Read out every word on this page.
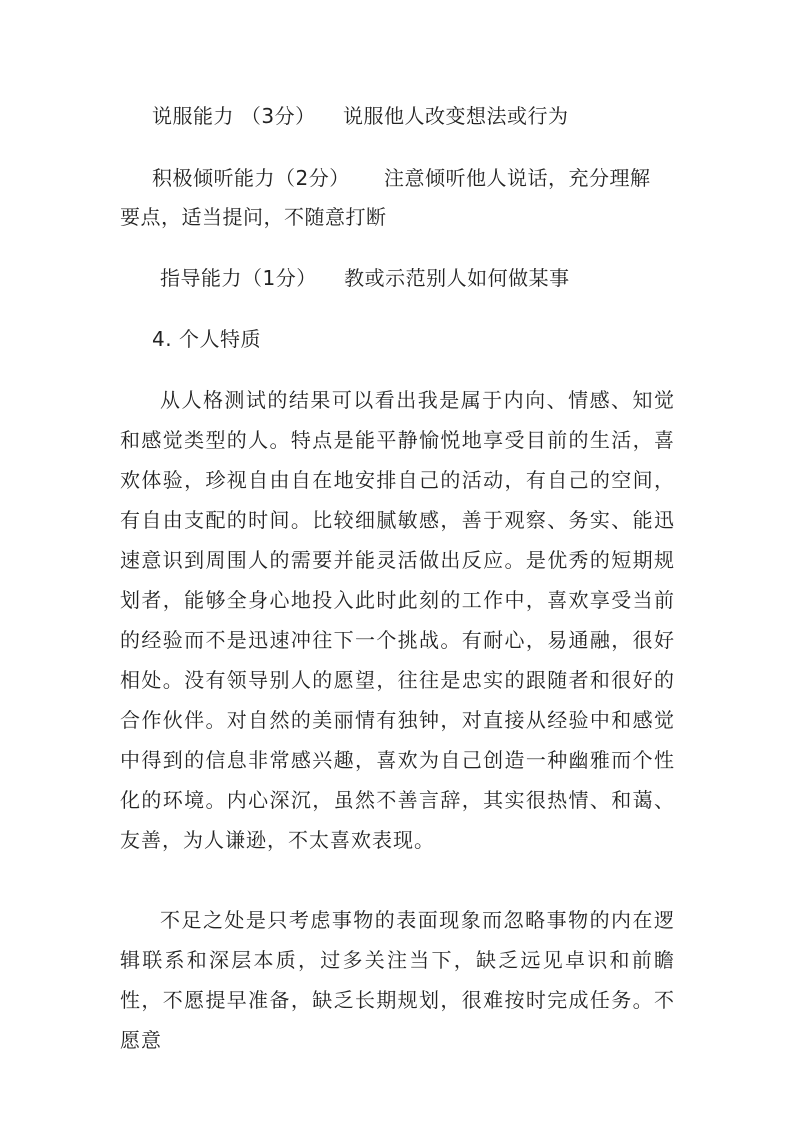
说服能力 （3分）    说服他人改变想法或行为
积极倾听能力（2分）     注意倾听他人说话，充分理解
要点，适当提问，不随意打断
指导能力（1分）    教或示范别人如何做某事
4. 个人特质
从人格测试的结果可以看出我是属于内向、情感、知觉和感觉类型的人。特点是能平静愉悦地享受目前的生活，喜欢体验，珍视自由自在地安排自己的活动，有自己的空间，有自由支配的时间。比较细腻敏感，善于观察、务实、能迅速意识到周围人的需要并能灵活做出反应。是优秀的短期规划者，能够全身心地投入此时此刻的工作中，喜欢享受当前的经验而不是迅速冲往下一个挑战。有耐心，易通融，很好相处。没有领导别人的愿望，往往是忠实的跟随者和很好的合作伙伴。对自然的美丽情有独钟，对直接从经验中和感觉中得到的信息非常感兴趣，喜欢为自己创造一种幽雅而个性化的环境。内心深沉，虽然不善言辞，其实很热情、和蔼、友善，为人谦逊，不太喜欢表现。
不足之处是只考虑事物的表面现象而忽略事物的内在逻辑联系和深层本质，过多关注当下，缺乏远见卓识和前瞻性，不愿提早准备，缺乏长期规划，很难按时完成任务。不愿意
